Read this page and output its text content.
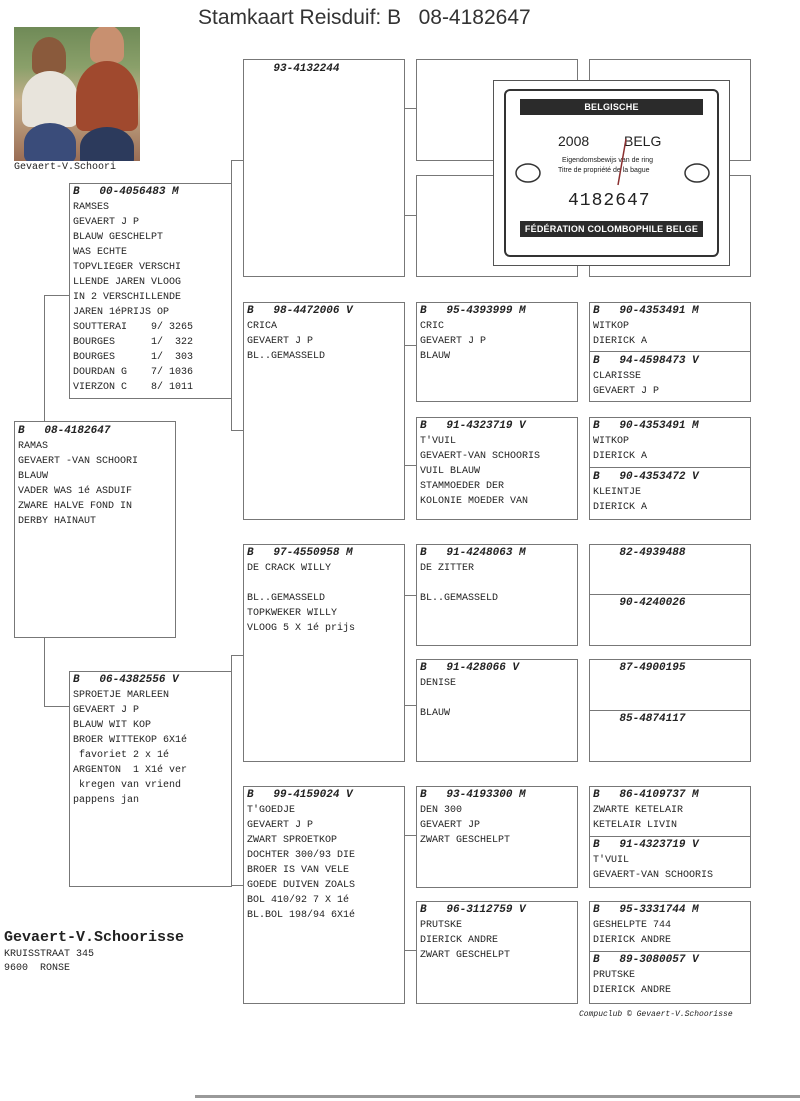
Stamkaart Reisduif: B   08-4182647
Gevaert-V.Schoori
B   08-4182647
RAMAS
GEVAERT -VAN SCHOORI
BLAUW
VADER WAS 1é ASDUIF
ZWARE HALVE FOND IN
DERBY HAINAUT
B   00-4056483 M
RAMSES
GEVAERT J P
BLAUW GESCHELPT
WAS ECHTE
TOPVLIEGER VERSCHI
LLENDE JAREN VLOOG
IN 2 VERSCHILLENDE
JAREN 1éPRIJS OP
SOUTTERAI    9/ 3265
BOURGES      1/  322
BOURGES      1/  303
DOURDAN G    7/ 1036
VIERZON C    8/ 1011
B   06-4382556 V
SPROETJE MARLEEN
GEVAERT J P
BLAUW WIT KOP
BROER WITTEKOP 6X1é
favoriet 2 x 1é
ARGENTON  1 X1é ver
kregen van vriend
pappens jan
93-4132244
B   98-4472006 V
CRICA
GEVAERT J P
BL..GEMASSELD
B   97-4550958 M
DE CRACK WILLY
BL..GEMASSELD
TOPKWEKER WILLY
VLOOG 5 X 1é prijs
B   99-4159024 V
T'GOEDJE
GEVAERT J P
ZWART SPROETKOP
DOCHTER 300/93 DIE
BROER IS VAN VELE
GOEDE DUIVEN ZOALS
BOL 410/92 7 X 1é
BL.BOL 198/94 6X1é
B   95-4393999 M
CRIC
GEVAERT J P
BLAUW
B   91-4323719 V
T'VUIL
GEVAERT-VAN SCHOORIS
VUIL BLAUW
STAMMOEDER DER
KOLONIE MOEDER VAN
B   91-4248063 M
DE ZITTER
BL..GEMASSELD
B   91-428066 V
DENISE
BLAUW
B   93-4193300 M
DEN 300
GEVAERT JP
ZWART GESCHELPT
B   96-3112759 V
PRUTSKE
DIERICK ANDRE
ZWART GESCHELPT
B   90-4353491 M
WITKOP
DIERICK A
B   94-4598473 V
CLARISSE
GEVAERT J P
B   90-4353491 M
WITKOP
DIERICK A
B   90-4353472 V
KLEINTJE
DIERICK A
82-4939488
90-4240026
87-4900195
85-4874117
B   86-4109737 M
ZWARTE KETELAIR
KETELAIR LIVIN
B   91-4323719 V
T'VUIL
GEVAERT-VAN SCHOORIS
B   95-3331744 M
GESHELPTE 744
DIERICK ANDRE
B   89-3080057 V
PRUTSKE
DIERICK ANDRE
BELGISCHE DUIVENLIEFHEBBERSBOND
2008 BELG
Eigendomsbewijs van de ring
Titre de propriété de la bague
4182647
FÉDÉRATION COLOMBOPHILE BELGE
Gevaert-V.Schoorisse
KRUISSTRAAT 345
9600  RONSE
Compuclub © Gevaert-V.Schoorisse
